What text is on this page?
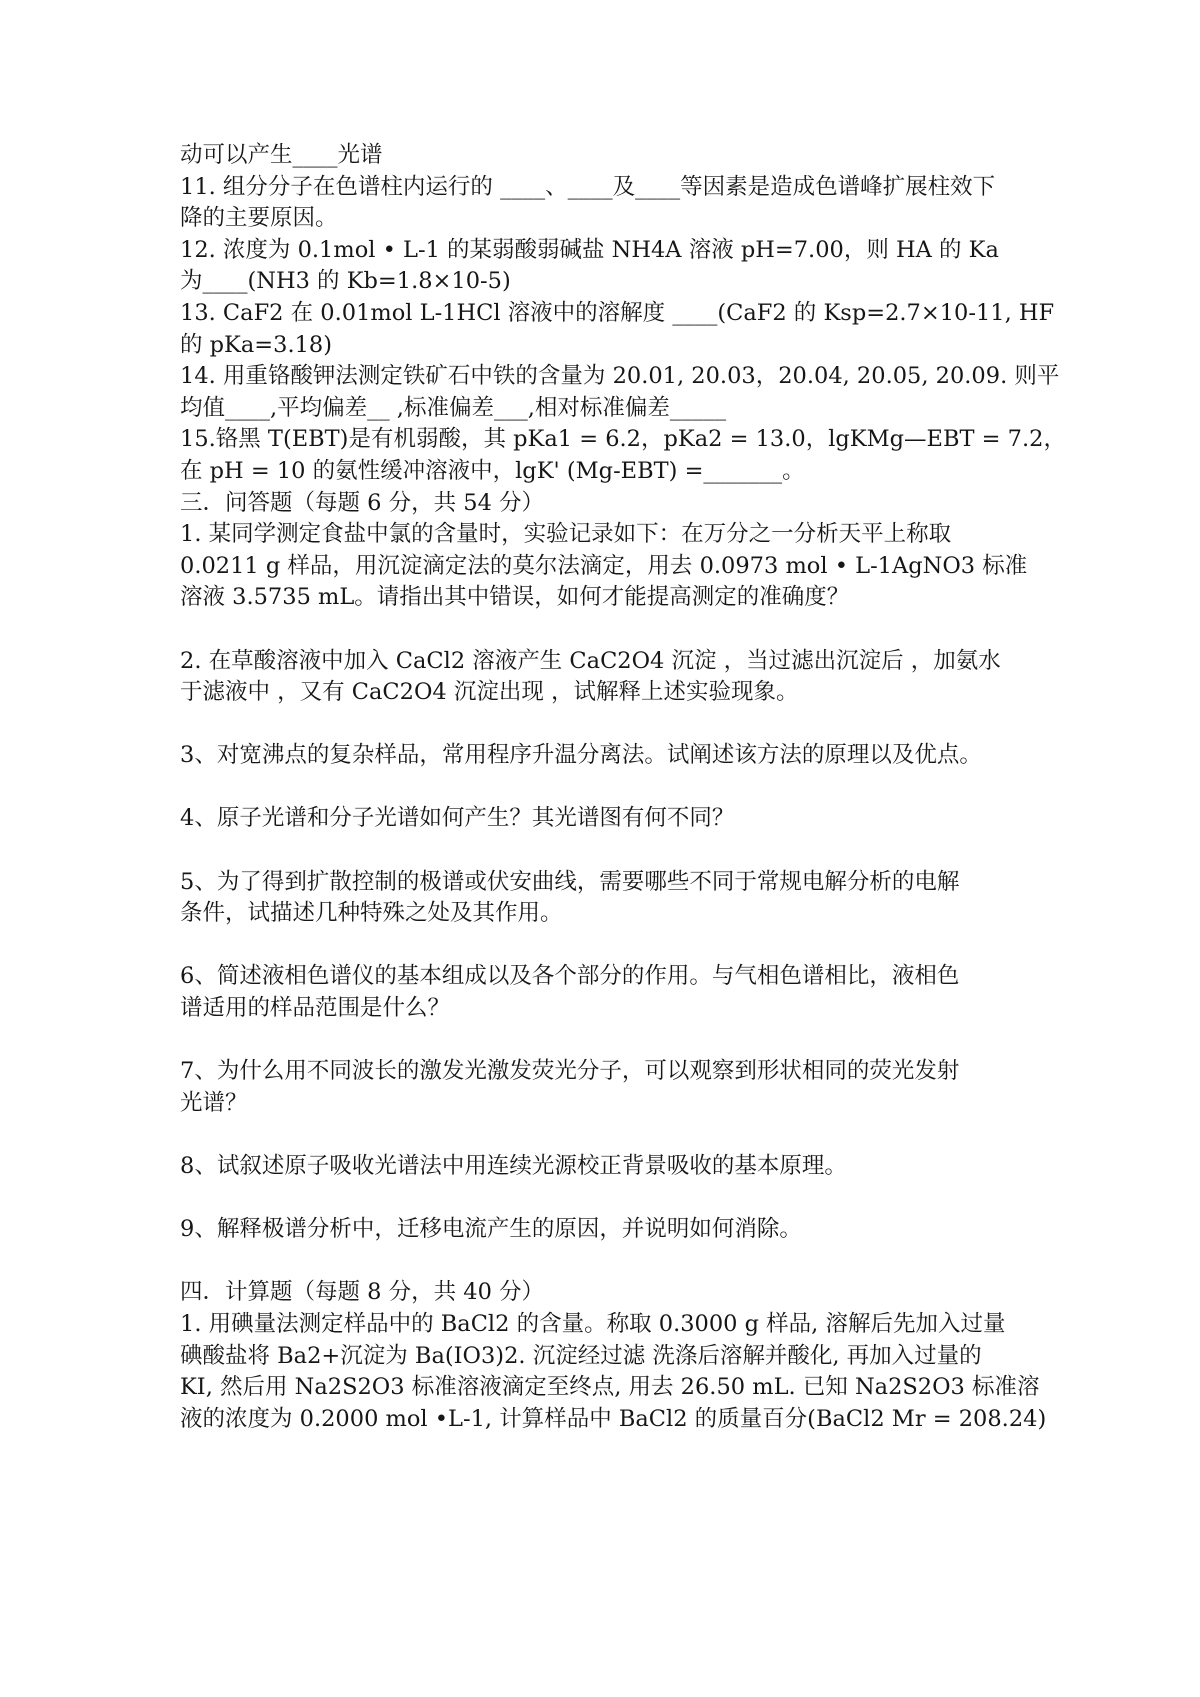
动可以产生____光谱

11. 组分分子在色谱柱内运行的 ____、____及____等因素是造成色谱峰扩展柱效下

降的主要原因。

12. 浓度为 0.1mol • L-1 的某弱酸弱碱盐 NH4A 溶液 pH=7.00，则 HA 的 Ka

为____(NH3 的 Kb=1.8×10-5)

13. CaF2 在 0.01mol L-1HCl 溶液中的溶解度 ____(CaF2 的 Ksp=2.7×10-11, HF

的 pKa=3.18)

14. 用重铬酸钾法测定铁矿石中铁的含量为 20.01, 20.03，20.04, 20.05, 20.09. 则平

均值____,平均偏差__ ,标准偏差___,相对标准偏差_____

15.铬黑 T(EBT)是有机弱酸，其 pKa1 = 6.2，pKa2 = 13.0，lgKMg—EBT = 7.2，

在 pH = 10 的氨性缓冲溶液中，lgK' (Mg-EBT) =_______。

三．问答题（每题 6 分，共 54 分）

1. 某同学测定食盐中氯的含量时，实验记录如下：在万分之一分析天平上称取

0.0211 g 样品，用沉淀滴定法的莫尔法滴定，用去 0.0973 mol • L-1AgNO3 标准

溶液 3.5735 mL。请指出其中错误，如何才能提高测定的准确度？

2. 在草酸溶液中加入 CaCl2 溶液产生 CaC2O4 沉淀 ，当过滤出沉淀后 ，加氨水

于滤液中 ，又有 CaC2O4 沉淀出现 ，试解释上述实验现象。

3、对宽沸点的复杂样品，常用程序升温分离法。试阐述该方法的原理以及优点。

4、原子光谱和分子光谱如何产生？其光谱图有何不同？

5、为了得到扩散控制的极谱或伏安曲线，需要哪些不同于常规电解分析的电解

条件，试描述几种特殊之处及其作用。

6、简述液相色谱仪的基本组成以及各个部分的作用。与气相色谱相比，液相色

谱适用的样品范围是什么？

7、为什么用不同波长的激发光激发荧光分子，可以观察到形状相同的荧光发射

光谱？

8、试叙述原子吸收光谱法中用连续光源校正背景吸收的基本原理。

9、解释极谱分析中，迁移电流产生的原因，并说明如何消除。

四．计算题（每题 8 分，共 40 分）

1. 用碘量法测定样品中的 BaCl2 的含量。称取 0.3000 g 样品, 溶解后先加入过量

碘酸盐将 Ba2+沉淀为 Ba(IO3)2. 沉淀经过滤 洗涤后溶解并酸化, 再加入过量的

KI, 然后用 Na2S2O3 标准溶液滴定至终点, 用去 26.50 mL. 已知 Na2S2O3 标准溶

液的浓度为 0.2000 mol •L-1, 计算样品中 BaCl2 的质量百分(BaCl2 Mr = 208.24)
